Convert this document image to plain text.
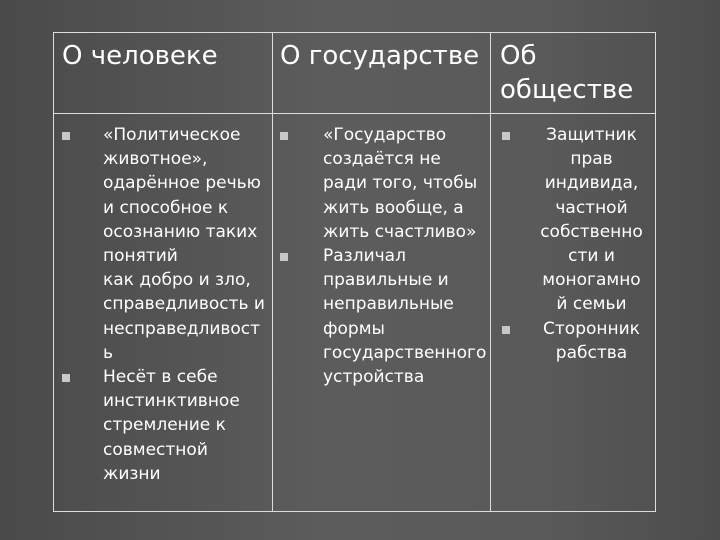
О человеке О государстве Об
обществе
«Политическое
животное»,
одарённое речью
и способное к
осознанию таких
понятий
как добро и зло,
справедливость и
несправедливост
ь
Несёт в себе
инстинктивное
стремление к
совместной
жизни
«Государство
создаётся не
ради того, чтобы
жить вообще, а
жить счастливо»
Различал
правильные и
неправильные
формы
государственного
устройства
Защитник
прав
индивида,
частной
собственно
сти и
моногамно
й семьи
Сторонник
рабства
